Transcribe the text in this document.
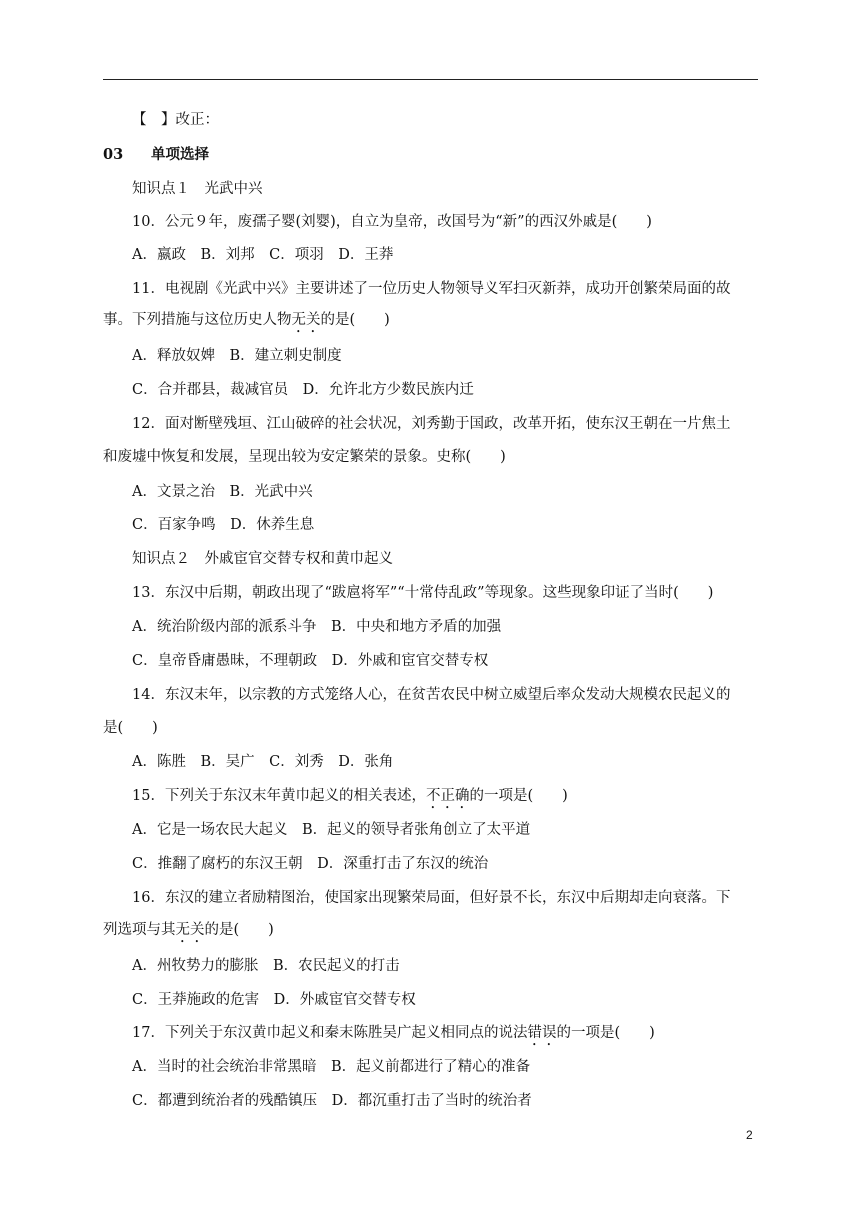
【　】改正：
03 单项选择
知识点１　光武中兴
10．公元９年，废孺子婴(刘婴)，自立为皇帝，改国号为“新”的西汉外戚是(　　)
A．嬴政　B．刘邦　C．项羽　D．王莽
11．电视剧《光武中兴》主要讲述了一位历史人物领导义军扫灭新莽，成功开创繁荣局面的故
事。下列措施与这位历史人物无关的是(　　)
A．释放奴婢　B．建立刺史制度
C．合并郡县，裁减官员　D．允许北方少数民族内迁
12．面对断壁残垣、江山破碎的社会状况，刘秀勤于国政，改革开拓，使东汉王朝在一片焦土
和废墟中恢复和发展，呈现出较为安定繁荣的景象。史称(　　)
A．文景之治　B．光武中兴
C．百家争鸣　D．休养生息
知识点２　外戚宦官交替专权和黄巾起义
13．东汉中后期，朝政出现了“跋扈将军”“十常侍乱政”等现象。这些现象印证了当时(　　)
A．统治阶级内部的派系斗争　B．中央和地方矛盾的加强
C．皇帝昏庸愚昧，不理朝政　D．外戚和宦官交替专权
14．东汉末年，以宗教的方式笼络人心，在贫苦农民中树立威望后率众发动大规模农民起义的
是(　　)
A．陈胜　B．吴广　C．刘秀　D．张角
15．下列关于东汉末年黄巾起义的相关表述，不正确的一项是(　　)
A．它是一场农民大起义　B．起义的领导者张角创立了太平道
C．推翻了腐朽的东汉王朝　D．深重打击了东汉的统治
16．东汉的建立者励精图治，使国家出现繁荣局面，但好景不长，东汉中后期却走向衰落。下
列选项与其无关的是(　　)
A．州牧势力的膨胀　B．农民起义的打击
C．王莽施政的危害　D．外戚宦官交替专权
17．下列关于东汉黄巾起义和秦末陈胜吴广起义相同点的说法错误的一项是(　　)
A．当时的社会统治非常黑暗　B．起义前都进行了精心的准备
C．都遭到统治者的残酷镇压　D．都沉重打击了当时的统治者
2
